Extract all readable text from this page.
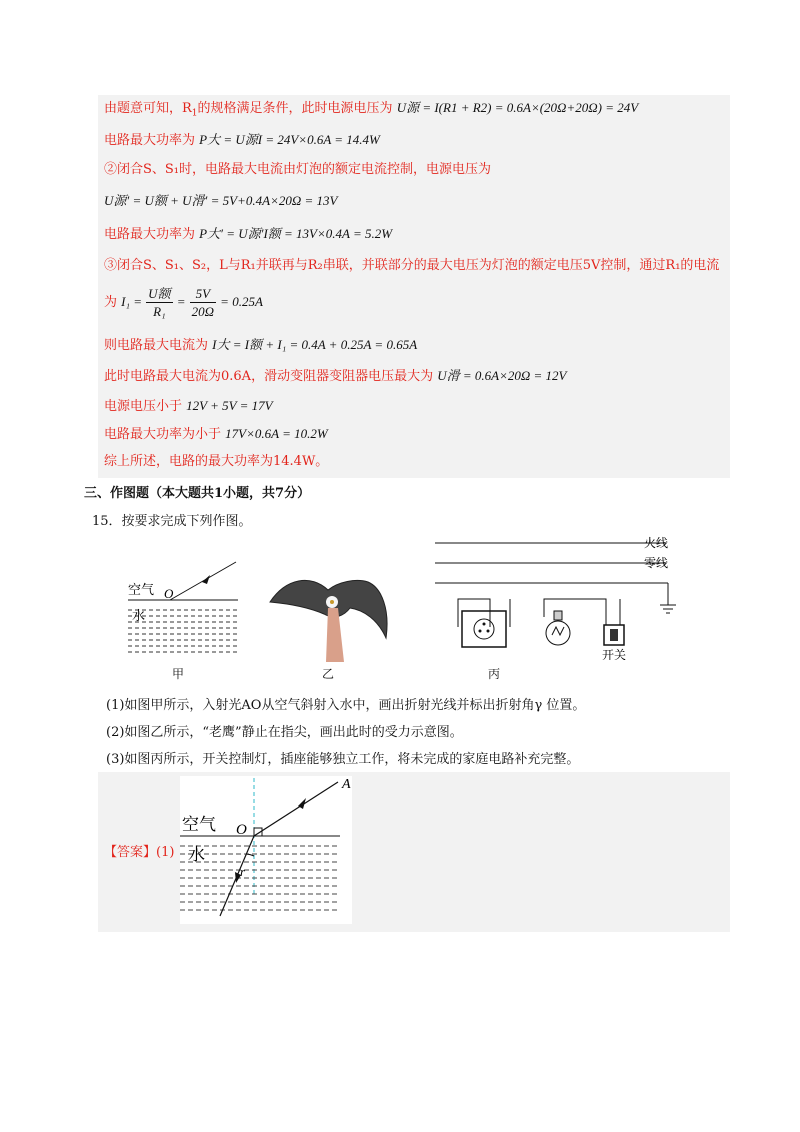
由题意可知，$R_1$的规格满足条件，此时电源电压为 U源 = I(R1 + R2) = 0.6A×(20Ω+20Ω) = 24V
电路最大功率为 P大 = U源I = 24V×0.6A = 14.4W
②闭合S、S₁时，电路最大电流由灯泡的额定电流控制，电源电压为
U源′ = U额 + U滑′ = 5V+0.4A×20Ω = 13V
电路最大功率为 P大′ = U源′I额 = 13V×0.4A = 5.2W
③闭合S、S₁、S₂，L与R₁并联再与R₂串联，并联部分的最大电压为灯泡的额定电压5V控制，通过R₁的电流
为 $I_1 = \frac{\text{U额}}{\text{R₁}} = \frac{5V}{20\Omega} = 0.25A$
则电路最大电流为 I大 = I额 + I₁ = 0.4A + 0.25A = 0.65A
此时电路最大电流为0.6A，滑动变阻器变阻器电压最大为 U滑 = 0.6A×20Ω = 12V
电源电压小于 12V + 5V = 17V
电路最大功率为小于 17V×0.6A = 10.2W
综上所述，电路的最大功率为14.4W。
三、作图题（本大题共1小题，共7分）
15．按要求完成下列作图。
空气
水
O
甲	乙
火线
零线
开关
丙
(1)如图甲所示，入射光AO从空气斜射入水中，画出折射光线并标出折射角γ 位置。
(2)如图乙所示，“老鹰”静止在指尖，画出此时的受力示意图。
(3)如图丙所示，开关控制灯，插座能够独立工作，将未完成的家庭电路补充完整。
【答案】(1)
A
O
r
空气
水
